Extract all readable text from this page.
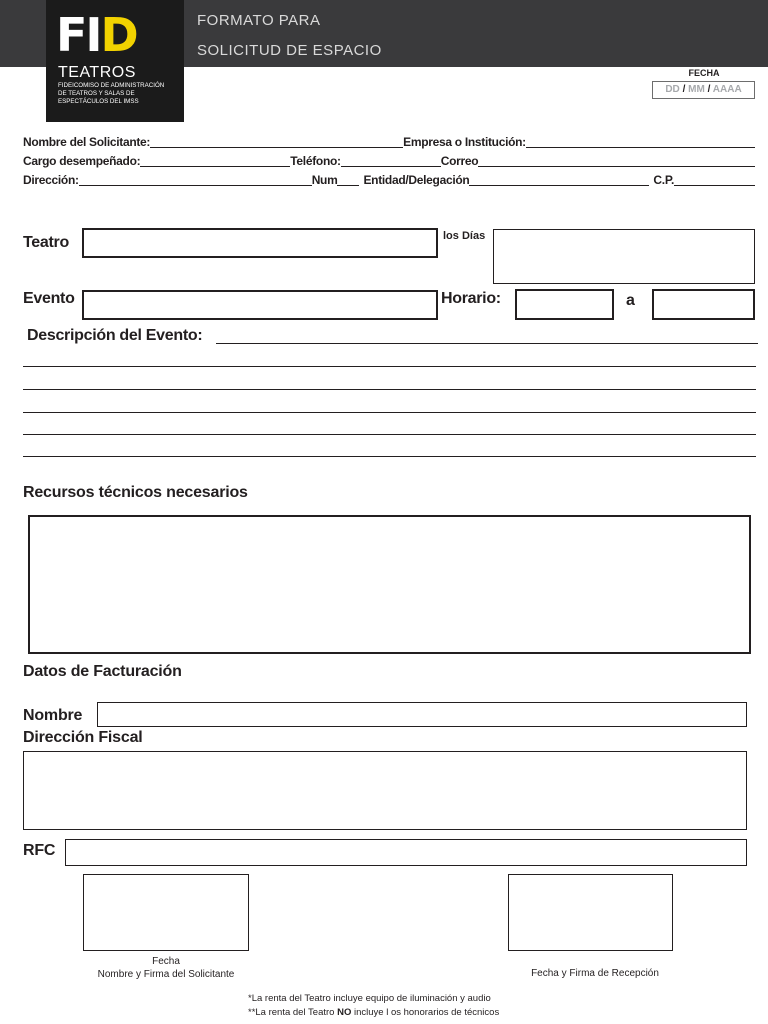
FID
TEATROS
FIDEICOMISO DE ADMINISTRACIÓN
DE TEATROS Y SALAS DE
ESPECTÁCULOS DEL IMSS
FORMATO PARA
SOLICITUD DE ESPACIO
FECHA
DD / MM / AAAA
Nombre del Solicitante:	Empresa o Institución:
Cargo desempeñado:	Teléfono:	Correo
Dirección:	Num Entidad/Delegación	C.P.
Teatro	los Días
Evento	Horario:	a
Descripción del Evento:
Recursos técnicos necesarios
Datos de Facturación
Nombre
Dirección Fiscal
RFC
Fecha
Nombre y Firma del Solicitante	Fecha y Firma de Recepción
*La renta del Teatro incluye equipo de iluminación y audio
**La renta del Teatro NO incluye l os honorarios de técnicos
